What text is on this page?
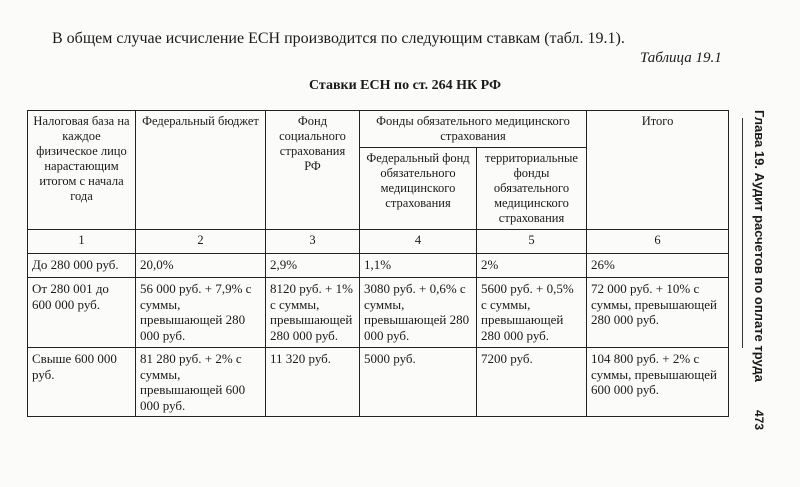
В общем случае исчисление ЕСН производится по следующим ставкам (табл. 19.1).
Таблица 19.1
Ставки ЕСН по ст. 264 НК РФ
Налоговая база на каждое физическое лицо нарастающим итогом с начала года	Федеральный бюджет	Фонд социального страхования РФ	Фонды обязательного медицинского страхования		Итого
			Федеральный фонд обязательного медицинского страхования	территориальные фонды обязательного медицинского страхования	
1	2	3	4	5	6
До 280 000 руб.	20,0%	2,9%	1,1%	2%	26%
От 280 001 до 600 000 руб.	56 000 руб. + 7,9% с суммы, превышающей 280 000 руб.	8120 руб. + 1% с суммы, превышающей 280 000 руб.	3080 руб. + 0,6% с суммы, превышающей 280 000 руб.	5600 руб. + 0,5% с суммы, превышающей 280 000 руб.	72 000 руб. + 10% с суммы, превышающей 280 000 руб.
Свыше 600 000 руб.	81 280 руб. + 2% с суммы, превышающей 600 000 руб.	11 320 руб.	5000 руб.	7200 руб.	104 800 руб. + 2% с суммы, превышающей 600 000 руб.
Глава 19. Аудит расчетов по оплате труда
473
